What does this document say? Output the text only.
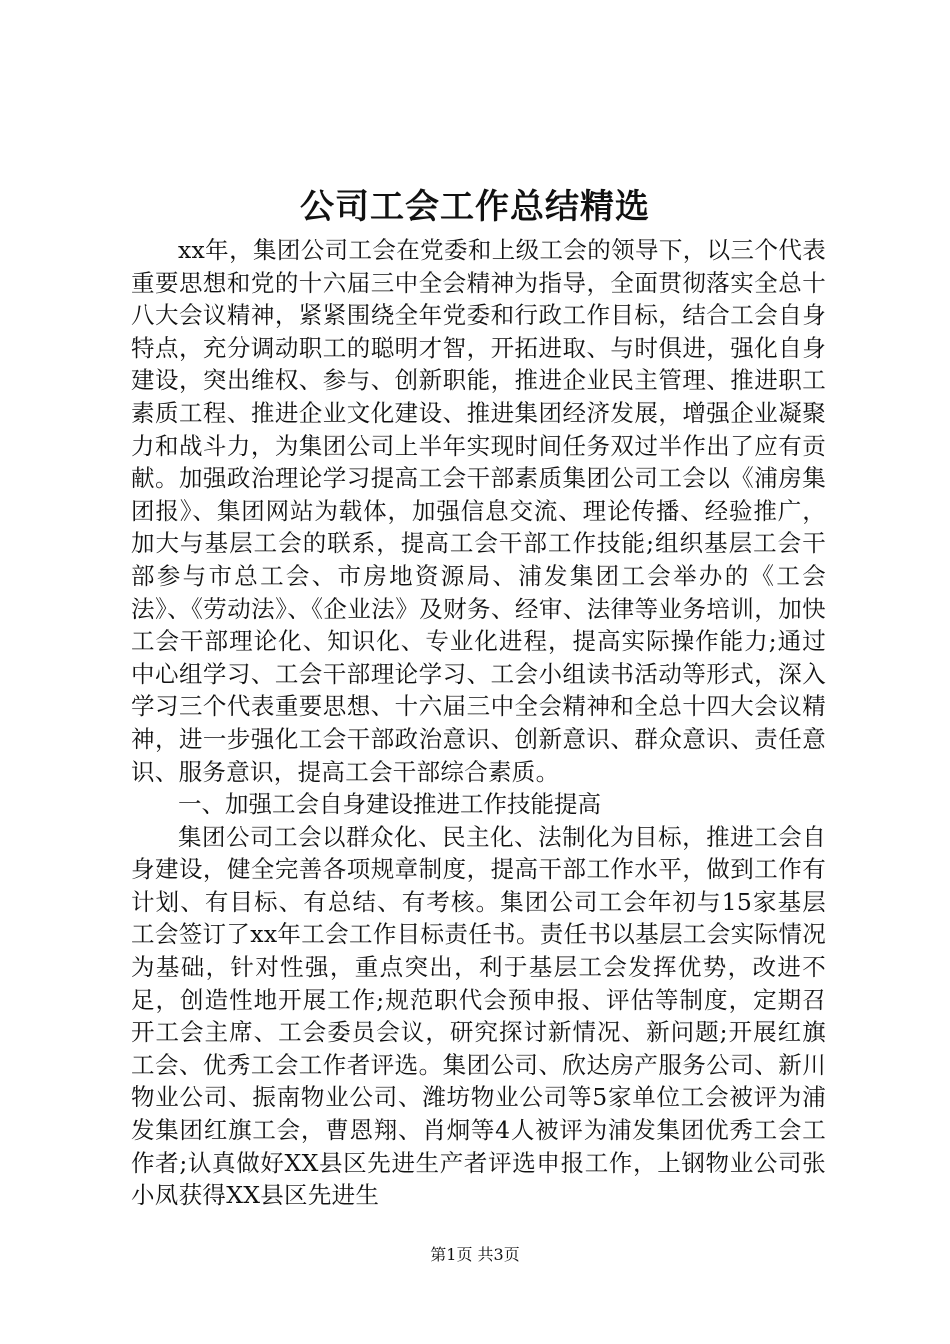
公司工会工作总结精选

xx年，集团公司工会在党委和上级工会的领导下，以三个代表重要思想和党的十六届三中全会精神为指导，全面贯彻落实全总十八大会议精神，紧紧围绕全年党委和行政工作目标，结合工会自身特点，充分调动职工的聪明才智，开拓进取、与时俱进，强化自身建设，突出维权、参与、创新职能，推进企业民主管理、推进职工素质工程、推进企业文化建设、推进集团经济发展，增强企业凝聚力和战斗力，为集团公司上半年实现时间任务双过半作出了应有贡献。加强政治理论学习提高工会干部素质集团公司工会以《浦房集团报》、集团网站为载体，加强信息交流、理论传播、经验推广，加大与基层工会的联系，提高工会干部工作技能;组织基层工会干部参与市总工会、市房地资源局、浦发集团工会举办的《工会法》、《劳动法》、《企业法》及财务、经审、法律等业务培训，加快工会干部理论化、知识化、专业化进程，提高实际操作能力;通过中心组学习、工会干部理论学习、工会小组读书活动等形式，深入学习三个代表重要思想、十六届三中全会精神和全总十四大会议精神，进一步强化工会干部政治意识、创新意识、群众意识、责任意识、服务意识，提高工会干部综合素质。

一、加强工会自身建设推进工作技能提高

集团公司工会以群众化、民主化、法制化为目标，推进工会自身建设，健全完善各项规章制度，提高干部工作水平，做到工作有计划、有目标、有总结、有考核。集团公司工会年初与15家基层工会签订了xx年工会工作目标责任书。责任书以基层工会实际情况为基础，针对性强，重点突出，利于基层工会发挥优势，改进不足，创造性地开展工作;规范职代会预申报、评估等制度，定期召开工会主席、工会委员会议，研究探讨新情况、新问题;开展红旗工会、优秀工会工作者评选。集团公司、欣达房产服务公司、新川物业公司、振南物业公司、潍坊物业公司等5家单位工会被评为浦发集团红旗工会，曹恩翔、肖炯等4人被评为浦发集团优秀工会工作者;认真做好XX县区先进生产者评选申报工作，上钢物业公司张小凤获得XX县区先进生

第1页 共3页
